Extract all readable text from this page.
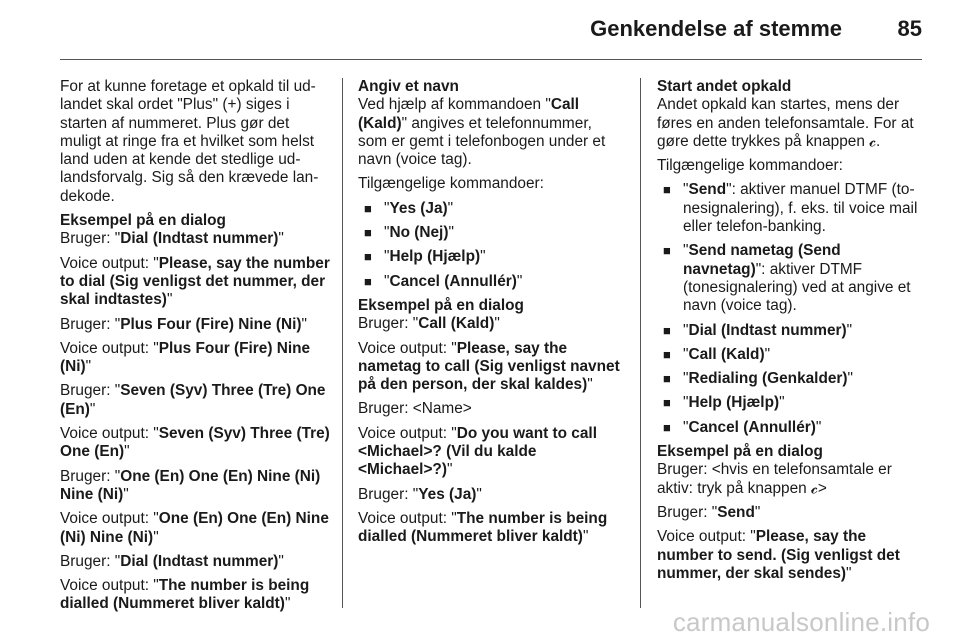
Genkendelse af stemme	85

For at kunne foretage et opkald til ud-landet skal ordet "Plus" (+) siges i starten af nummeret. Plus gør det muligt at ringe fra et hvilket som helst land uden at kende det stedlige ud-landsforvalg. Sig så den krævede lan-dekode.

Eksempel på en dialog

Bruger: "Dial (Indtast nummer)"

Voice output: "Please, say the number to dial (Sig venligst det nummer, der skal indtastes)"

Bruger: "Plus Four (Fire) Nine (Ni)"

Voice output: "Plus Four (Fire) Nine (Ni)"

Bruger: "Seven (Syv) Three (Tre) One (En)"

Voice output: "Seven (Syv) Three (Tre) One (En)"

Bruger: "One (En) One (En) Nine (Ni) Nine (Ni)"

Voice output: "One (En) One (En) Nine (Ni) Nine (Ni)"

Bruger: "Dial (Indtast nummer)"

Voice output: "The number is being dialled (Nummeret bliver kaldt)"

Angiv et navn

Ved hjælp af kommandoen "Call (Kald)" angives et telefonnummer, som er gemt i telefonbogen under et navn (voice tag).

Tilgængelige kommandoer:

■ "Yes (Ja)"
■ "No (Nej)"
■ "Help (Hjælp)"
■ "Cancel (Annullér)"

Eksempel på en dialog

Bruger: "Call (Kald)"

Voice output: "Please, say the nametag to call (Sig venligst navnet på den person, der skal kaldes)"

Bruger: <Name>

Voice output: "Do you want to call <Michael>? (Vil du kalde <Michael>?)"

Bruger: "Yes (Ja)"

Voice output: "The number is being dialled (Nummeret bliver kaldt)"

Start andet opkald

Andet opkald kan startes, mens der føres en anden telefonsamtale. For at gøre dette trykkes på knappen 𝓬.

Tilgængelige kommandoer:

■ "Send": aktiver manuel DTMF (to-nesignalering), f. eks. til voice mail eller telefon-banking.
■ "Send nametag (Send navnetag)": aktiver DTMF (tonesignalering) ved at angive et navn (voice tag).
■ "Dial (Indtast nummer)"
■ "Call (Kald)"
■ "Redialing (Genkalder)"
■ "Help (Hjælp)"
■ "Cancel (Annullér)"

Eksempel på en dialog

Bruger: <hvis en telefonsamtale er aktiv: tryk på knappen 𝓬>

Bruger: "Send"

Voice output: "Please, say the number to send. (Sig venligst det nummer, der skal sendes)"

carmanualsonline.info
